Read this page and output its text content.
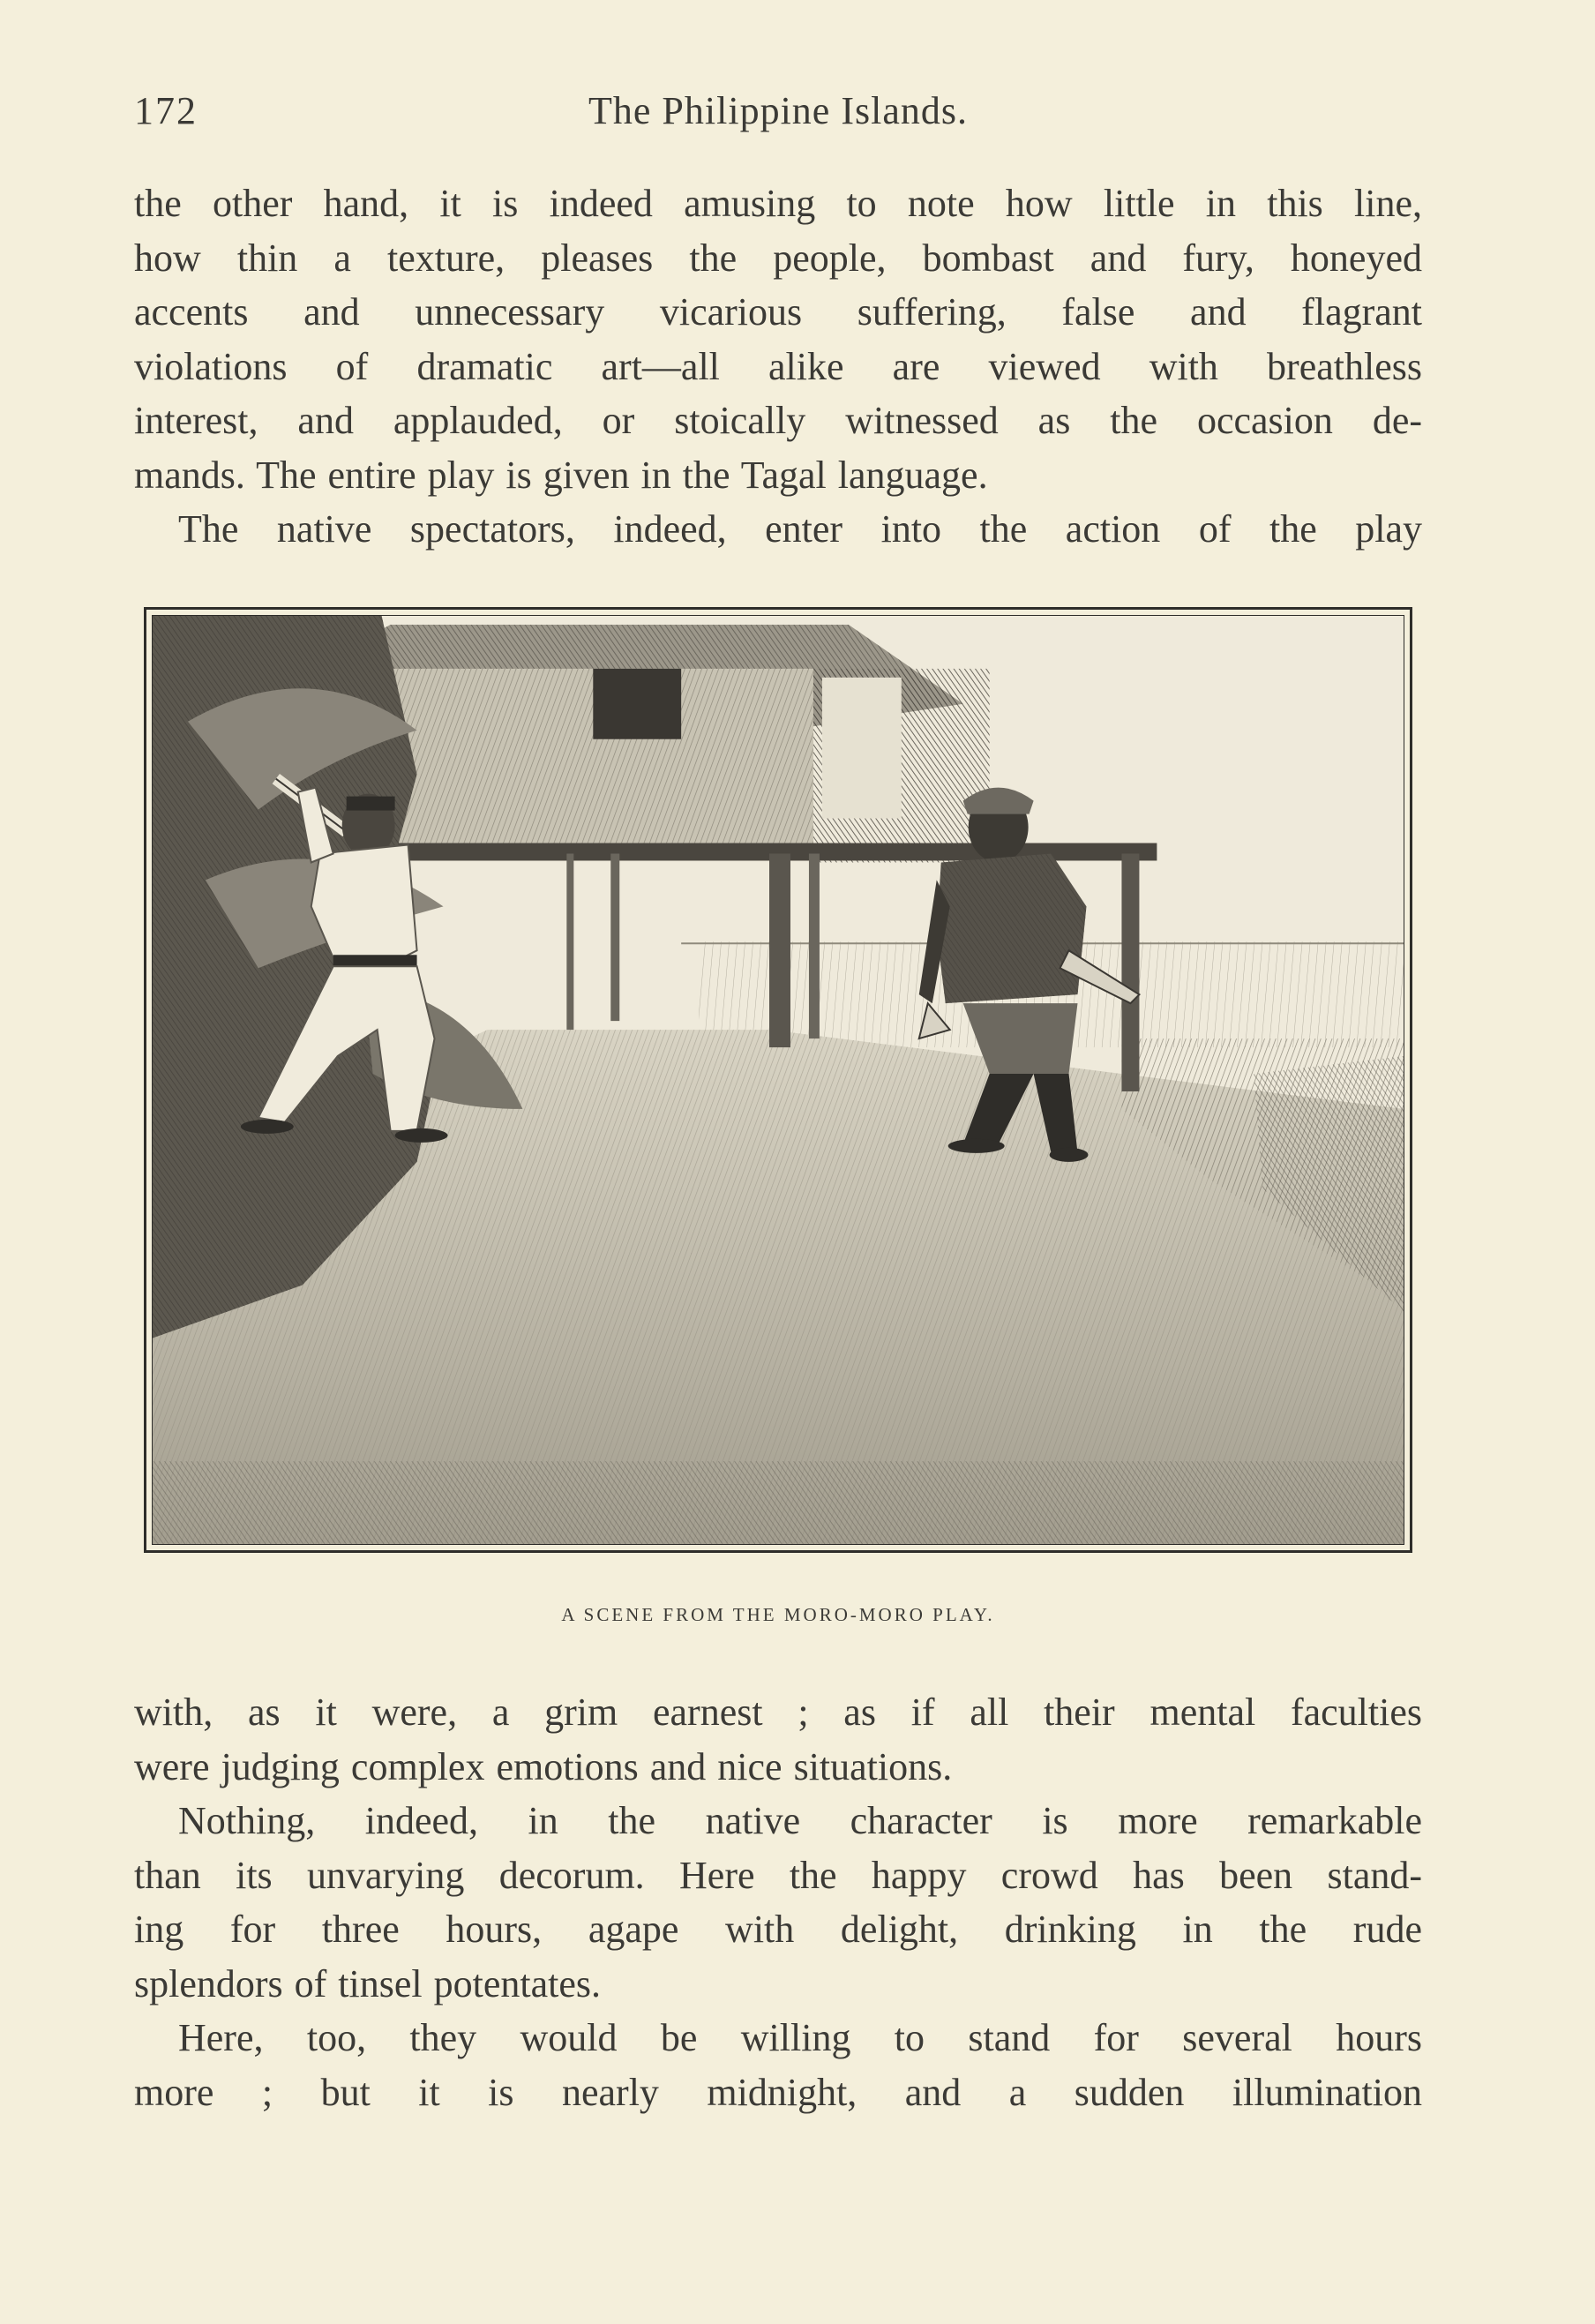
172	The Philippine Islands.
the other hand, it is indeed amusing to note how little in this line,
how thin a texture, pleases the people, bombast and fury, honeyed
accents and unnecessary vicarious suffering, false and flagrant
violations of dramatic art—all alike are viewed with breathless
interest, and applauded, or stoically witnessed as the occasion de-
mands. The entire play is given in the Tagal language.
The native spectators, indeed, enter into the action of the play
A SCENE FROM THE MORO-MORO PLAY.
with, as it were, a grim earnest ; as if all their mental faculties
were judging complex emotions and nice situations.
Nothing, indeed, in the native character is more remarkable
than its unvarying decorum. Here the happy crowd has been stand-
ing for three hours, agape with delight, drinking in the rude
splendors of tinsel potentates.
Here, too, they would be willing to stand for several hours
more ; but it is nearly midnight, and a sudden illumination
